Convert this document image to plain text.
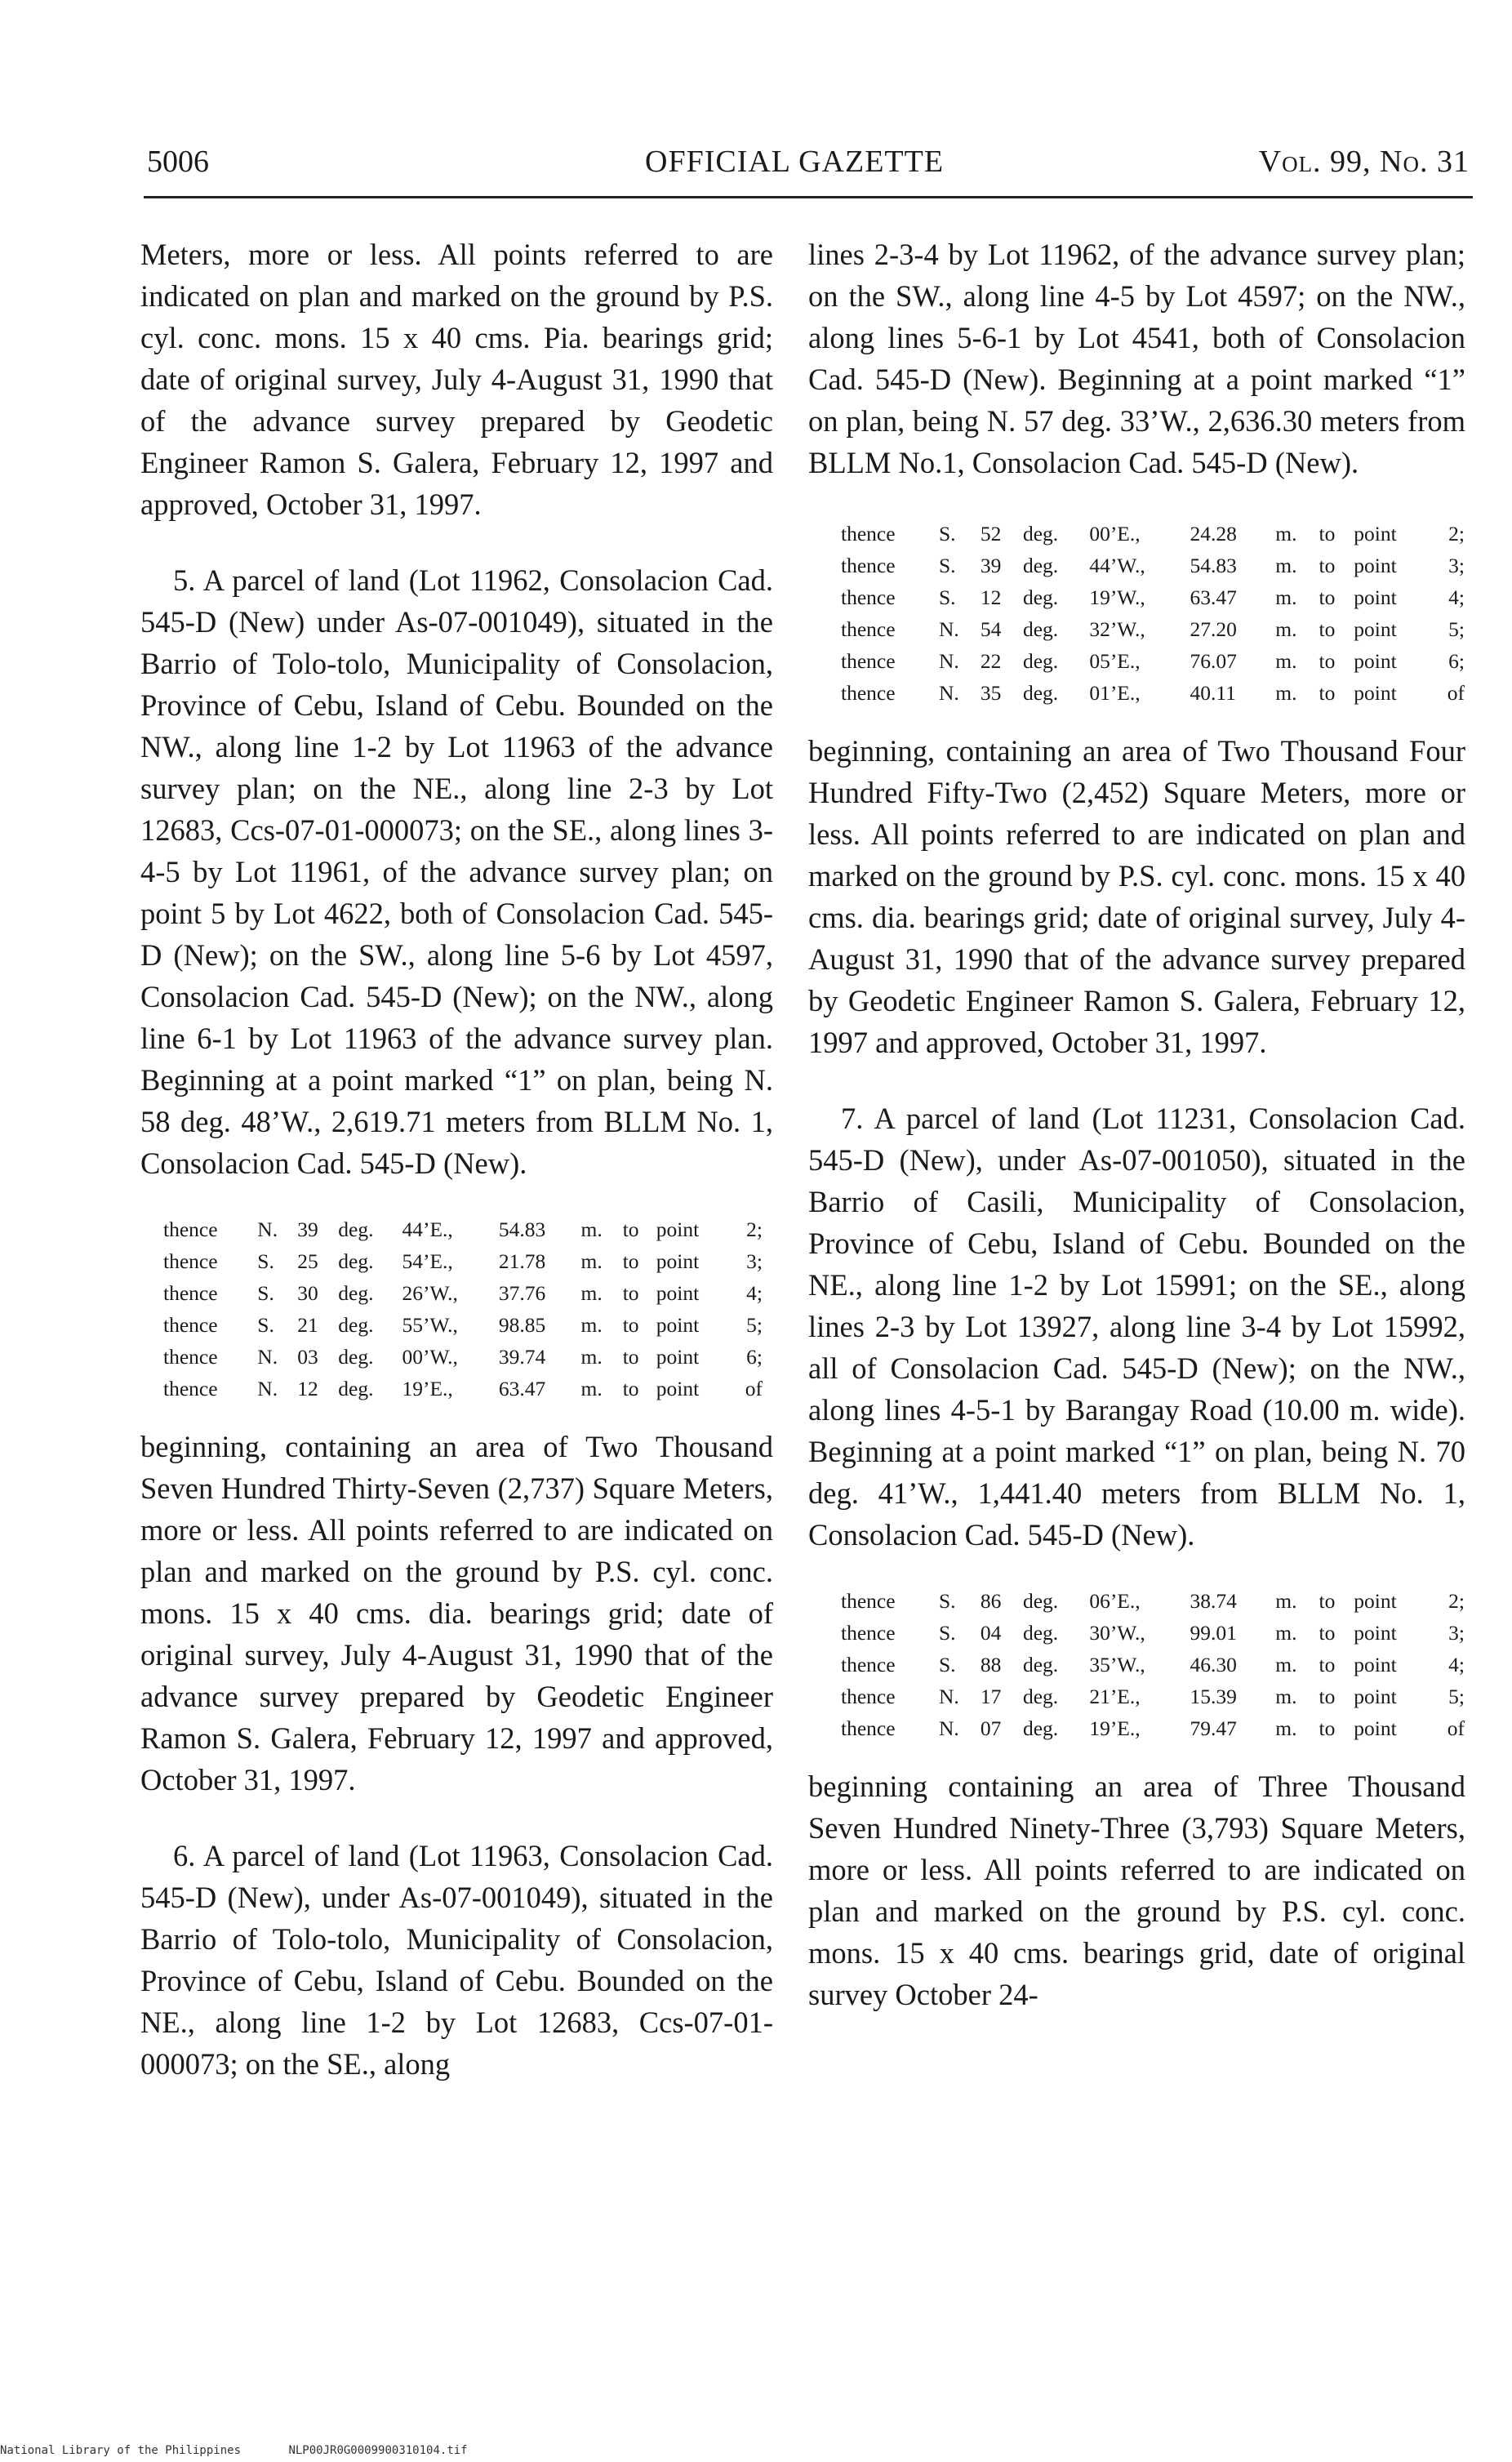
5006	OFFICIAL GAZETTE	Vol. 99, No. 31

Meters, more or less. All points referred to are indicated on plan and marked on the ground by P.S. cyl. conc. mons. 15 x 40 cms. Pia. bearings grid; date of original survey, July 4-August 31, 1990 that of the advance survey prepared by Geodetic Engineer Ramon S. Galera, February 12, 1997 and approved, October 31, 1997.

5. A parcel of land (Lot 11962, Consolacion Cad. 545-D (New) under As-07-001049), situated in the Barrio of Tolo-tolo, Municipality of Consolacion, Province of Cebu, Island of Cebu. Bounded on the NW., along line 1-2 by Lot 11963 of the advance survey plan; on the NE., along line 2-3 by Lot 12683, Ccs-07-01-000073; on the SE., along lines 3-4-5 by Lot 11961, of the advance survey plan; on point 5 by Lot 4622, both of Consolacion Cad. 545-D (New); on the SW., along line 5-6 by Lot 4597, Consolacion Cad. 545-D (New); on the NW., along line 6-1 by Lot 11963 of the advance survey plan. Beginning at a point marked “1” on plan, being N. 58 deg. 48’W., 2,619.71 meters from BLLM No. 1, Consolacion Cad. 545-D (New).

thence	N.	39	deg.	44’E.,	54.83	m.	to	point	2;
thence	S.	25	deg.	54’E.,	21.78	m.	to	point	3;
thence	S.	30	deg.	26’W.,	37.76	m.	to	point	4;
thence	S.	21	deg.	55’W.,	98.85	m.	to	point	5;
thence	N.	03	deg.	00’W.,	39.74	m.	to	point	6;
thence	N.	12	deg.	19’E.,	63.47	m.	to	point	of

beginning, containing an area of Two Thousand Seven Hundred Thirty-Seven (2,737) Square Meters, more or less. All points referred to are indicated on plan and marked on the ground by P.S. cyl. conc. mons. 15 x 40 cms. dia. bearings grid; date of original survey, July 4-August 31, 1990 that of the advance survey prepared by Geodetic Engineer Ramon S. Galera, February 12, 1997 and approved, October 31, 1997.

6. A parcel of land (Lot 11963, Consolacion Cad. 545-D (New), under As-07-001049), situated in the Barrio of Tolo-tolo, Municipality of Consolacion, Province of Cebu, Island of Cebu. Bounded on the NE., along line 1-2 by Lot 12683, Ccs-07-01-000073; on the SE., along

lines 2-3-4 by Lot 11962, of the advance survey plan; on the SW., along line 4-5 by Lot 4597; on the NW., along lines 5-6-1 by Lot 4541, both of Consolacion Cad. 545-D (New). Beginning at a point marked “1” on plan, being N. 57 deg. 33’W., 2,636.30 meters from BLLM No.1, Consolacion Cad. 545-D (New).

thence	S.	52	deg.	00’E.,	24.28	m.	to	point	2;
thence	S.	39	deg.	44’W.,	54.83	m.	to	point	3;
thence	S.	12	deg.	19’W.,	63.47	m.	to	point	4;
thence	N.	54	deg.	32’W.,	27.20	m.	to	point	5;
thence	N.	22	deg.	05’E.,	76.07	m.	to	point	6;
thence	N.	35	deg.	01’E.,	40.11	m.	to	point	of

beginning, containing an area of Two Thousand Four Hundred Fifty-Two (2,452) Square Meters, more or less. All points referred to are indicated on plan and marked on the ground by P.S. cyl. conc. mons. 15 x 40 cms. dia. bearings grid; date of original survey, July 4-August 31, 1990 that of the advance survey prepared by Geodetic Engineer Ramon S. Galera, February 12, 1997 and approved, October 31, 1997.

7. A parcel of land (Lot 11231, Consolacion Cad. 545-D (New), under As-07-001050), situated in the Barrio of Casili, Municipality of Consolacion, Province of Cebu, Island of Cebu. Bounded on the NE., along line 1-2 by Lot 15991; on the SE., along lines 2-3 by Lot 13927, along line 3-4 by Lot 15992, all of Consolacion Cad. 545-D (New); on the NW., along lines 4-5-1 by Barangay Road (10.00 m. wide). Beginning at a point marked “1” on plan, being N. 70 deg. 41’W., 1,441.40 meters from BLLM No. 1, Consolacion Cad. 545-D (New).

thence	S.	86	deg.	06’E.,	38.74	m.	to	point	2;
thence	S.	04	deg.	30’W.,	99.01	m.	to	point	3;
thence	S.	88	deg.	35’W.,	46.30	m.	to	point	4;
thence	N.	17	deg.	21’E.,	15.39	m.	to	point	5;
thence	N.	07	deg.	19’E.,	79.47	m.	to	point	of

beginning containing an area of Three Thousand Seven Hundred Ninety-Three (3,793) Square Meters, more or less. All points referred to are indicated on plan and marked on the ground by P.S. cyl. conc. mons. 15 x 40 cms. bearings grid, date of original survey October 24-

National Library of the Philippines	NLP00JR0G0009900310104.tif
